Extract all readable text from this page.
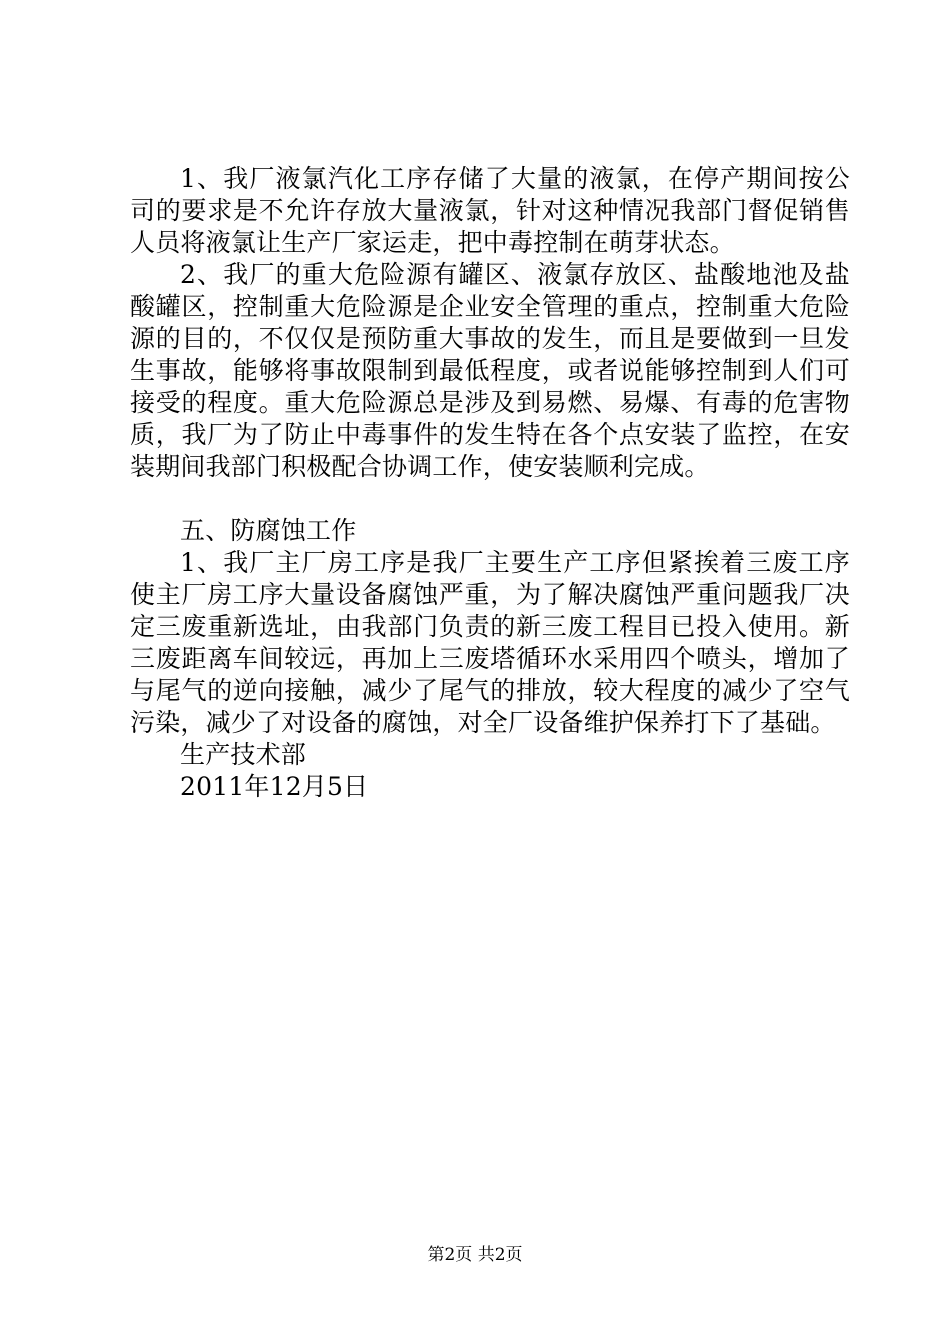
1、我厂液氯汽化工序存储了大量的液氯，在停产期间按公司的要求是不允许存放大量液氯，针对这种情况我部门督促销售人员将液氯让生产厂家运走，把中毒控制在萌芽状态。

2、我厂的重大危险源有罐区、液氯存放区、盐酸地池及盐酸罐区，控制重大危险源是企业安全管理的重点，控制重大危险源的目的，不仅仅是预防重大事故的发生，而且是要做到一旦发生事故，能够将事故限制到最低程度，或者说能够控制到人们可接受的程度。重大危险源总是涉及到易燃、易爆、有毒的危害物质，我厂为了防止中毒事件的发生特在各个点安装了监控，在安装期间我部门积极配合协调工作，使安装顺利完成。

五、防腐蚀工作

1、我厂主厂房工序是我厂主要生产工序但紧挨着三废工序使主厂房工序大量设备腐蚀严重，为了解决腐蚀严重问题我厂决定三废重新选址，由我部门负责的新三废工程目已投入使用。新三废距离车间较远，再加上三废塔循环水采用四个喷头，增加了与尾气的逆向接触，减少了尾气的排放，较大程度的减少了空气污染，减少了对设备的腐蚀，对全厂设备维护保养打下了基础。

生产技术部

2011年12月5日

第2页 共2页
